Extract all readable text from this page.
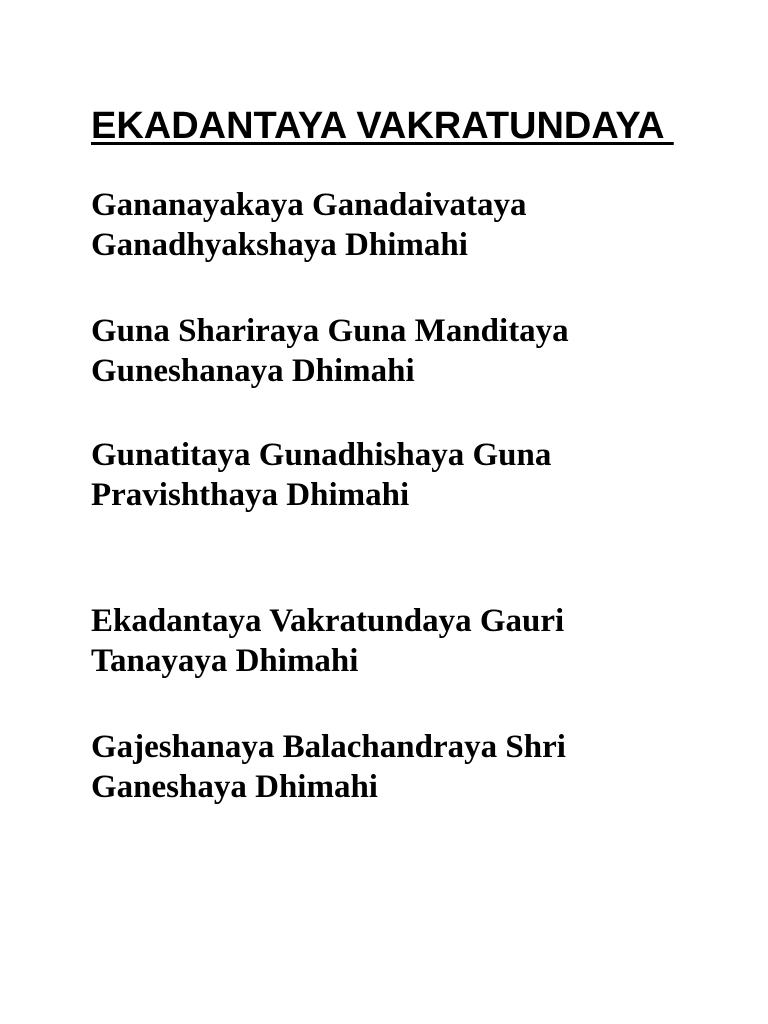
EKADANTAYA VAKRATUNDAYA

Gananayakaya Ganadaivataya
Ganadhyakshaya Dhimahi

Guna Shariraya Guna Manditaya
Guneshanaya Dhimahi

Gunatitaya Gunadhishaya Guna
Pravishthaya Dhimahi

Ekadantaya Vakratundaya Gauri
Tanayaya Dhimahi

Gajeshanaya Balachandraya Shri
Ganeshaya Dhimahi
